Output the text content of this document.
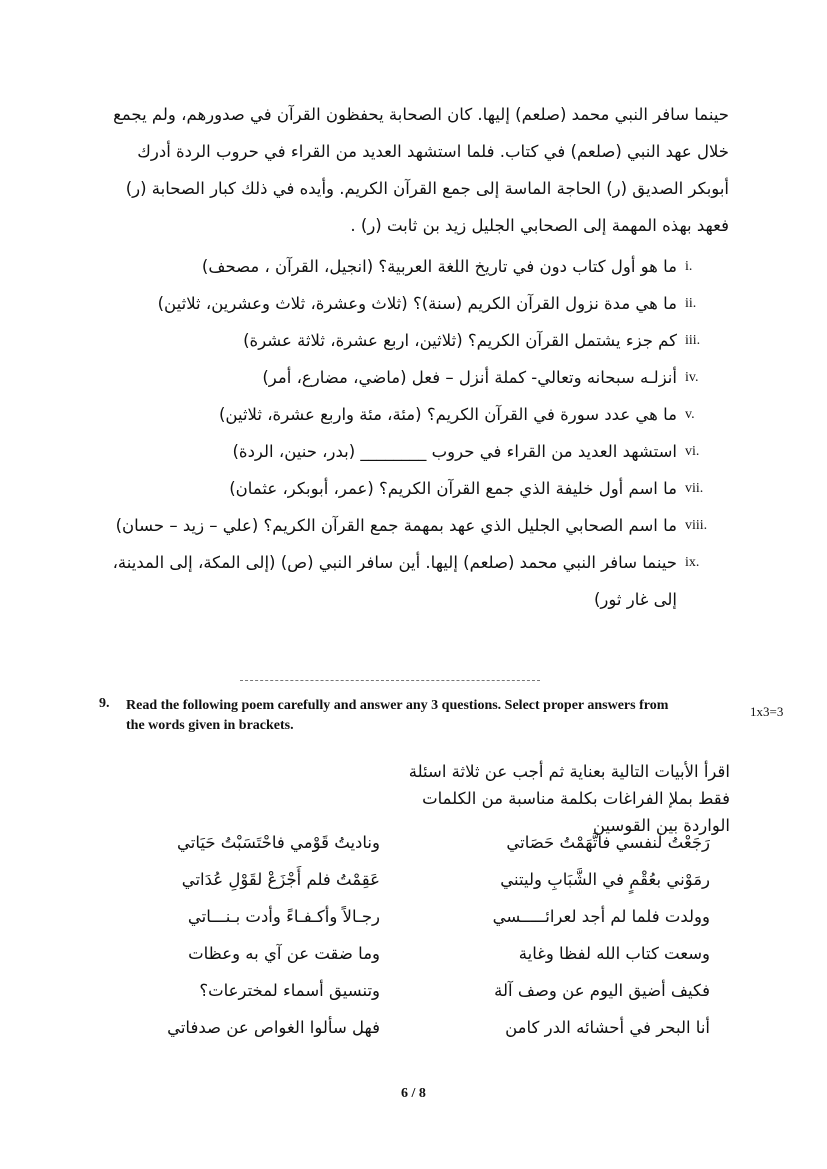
حينما سافر النبي محمد (صلعم) إليها. كان الصحابة يحفظون القرآن في صدورهم، ولم يجمع
خلال عهد النبي (صلعم) في كتاب. فلما استشهد العديد من القراء في حروب الردة أدرك
أبوبكر الصديق (ر) الحاجة الماسة إلى جمع القرآن الكريم. وأيده في ذلك كبار الصحابة (ر)
فعهد بهذه المهمة إلى الصحابي الجليل زيد بن ثابت (ر) .
i.
ما هو أول كتاب دون في تاريخ اللغة العربية؟ (انجيل، القرآن ، مصحف)
ii.
ما هي مدة نزول القرآن الكريم (سنة)؟ (ثلاث وعشرة، ثلاث وعشرين، ثلاثين)
iii.
كم جزء يشتمل القرآن الكريم؟ (ثلاثين، اربع عشرة، ثلاثة عشرة)
iv.
أنزلـه سبحانه وتعالي- كملة أنزل – فعل (ماضي، مضارع، أمر)
v.
ما هي عدد سورة في القرآن الكريم؟ (مئة، مئة واربع عشرة، ثلاثين)
vi.
استشهد العديد من القراء في حروب ________ (بدر، حنين، الردة)
vii.
ما اسم أول خليفة الذي جمع القرآن الكريم؟ (عمر، أبوبكر، عثمان)
viii.
ما اسم الصحابي الجليل الذي عهد بمهمة جمع القرآن الكريم؟ (علي – زيد – حسان)
ix.
حينما سافر النبي محمد (صلعم) إليها. أين سافر النبي (ص) (إلى المكة، إلى المدينة، إلى غار ثور)
9. Read the following poem carefully and answer any 3 questions. Select proper answers from the words given in brackets.
1x3=3
اقرأ الأبيات التالية بعناية ثم أجب عن ثلاثة اسئلة فقط بملإ الفراغات بكلمة مناسبة من الكلمات الواردة بين القوسين
رَجَعْتُ لنفسي فاتَّهَمْتُ حَصَاتي
وناديتُ قَوْمي فاحْتَسَبْتُ حَيَاتي
رمَوْني بعُقْمٍ في الشَّبَابِ وليتني
عَقِمْتُ فلم أَجْزَعْ لقَوْلِ عُدَاتي
وولدت فلما لم أجد لعرائـــــسي
رجـالاً وأكـفـاءً وأدت بـنـــاتي
وسعت كتاب الله لفظا وغاية
وما ضقت عن آي به وعظات
فكيف أضيق اليوم عن وصف آلة
وتنسيق أسماء لمخترعات؟
أنا البحر في أحشائه الدر كامن
فهل سألوا الغواص عن صدفاتي
6 / 8
